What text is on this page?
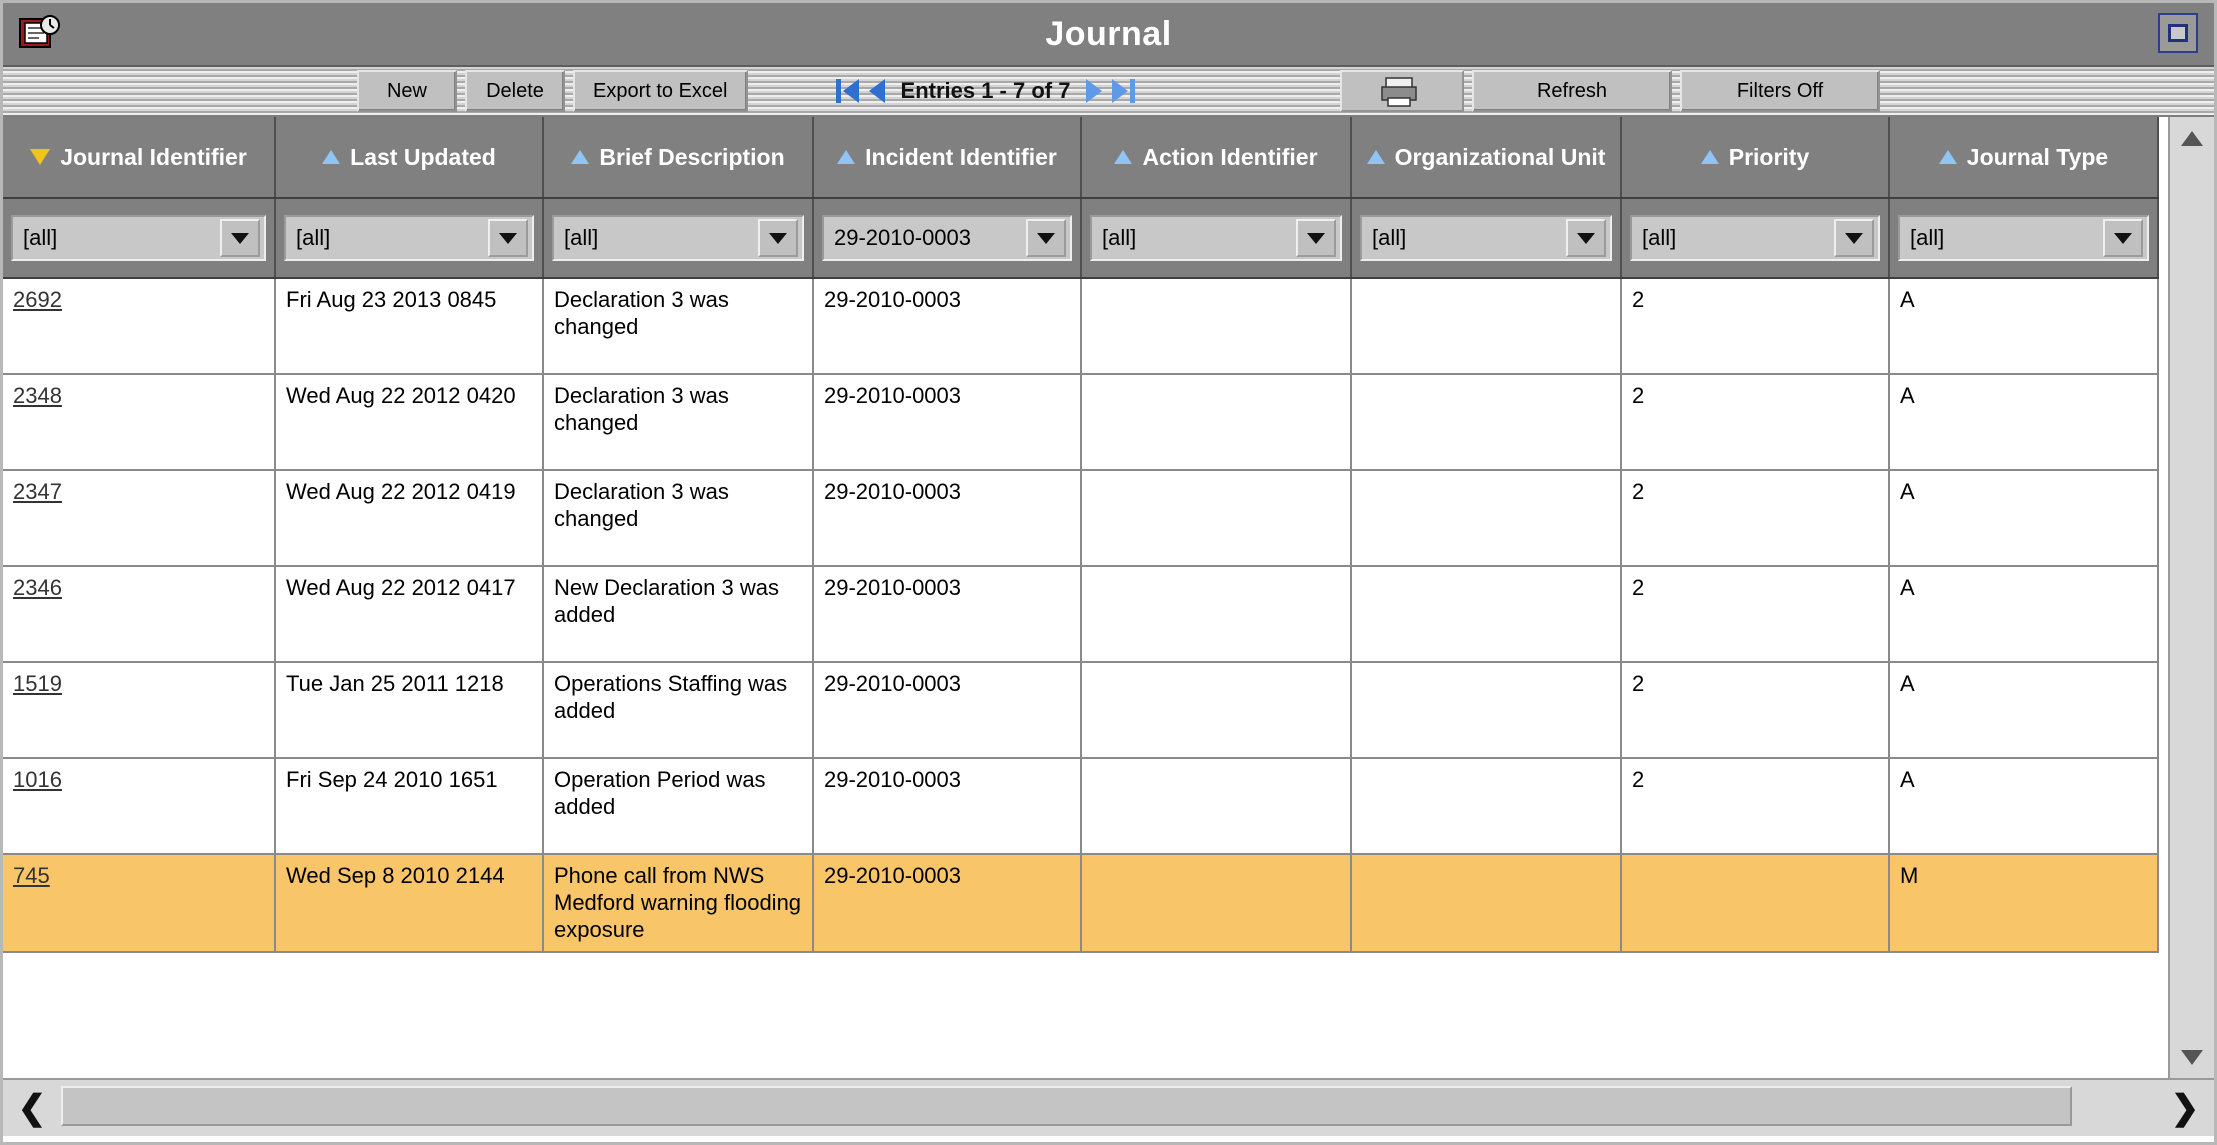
Journal
New	Delete	Export to Excel	Entries 1 - 7 of 7	Refresh	Filters Off
Journal Identifier	Last Updated	Brief Description	Incident Identifier	Action Identifier	Organizational Unit	Priority	Journal Type

[all]	[all]	[all]	29-2010-0003	[all]	[all]	[all]	[all]

2692	Fri Aug 23 2013 0845	Declaration 3 was changed	29-2010-0003			2	A
2348	Wed Aug 22 2012 0420	Declaration 3 was changed	29-2010-0003			2	A
2347	Wed Aug 22 2012 0419	Declaration 3 was changed	29-2010-0003			2	A
2346	Wed Aug 22 2012 0417	New Declaration 3 was added	29-2010-0003			2	A
1519	Tue Jan 25 2011 1218	Operations Staffing was added	29-2010-0003			2	A
1016	Fri Sep 24 2010 1651	Operation Period was added	29-2010-0003			2	A
745	Wed Sep 8 2010 2144	Phone call from NWS Medford warning flooding exposure	29-2010-0003				M

❮	❯
